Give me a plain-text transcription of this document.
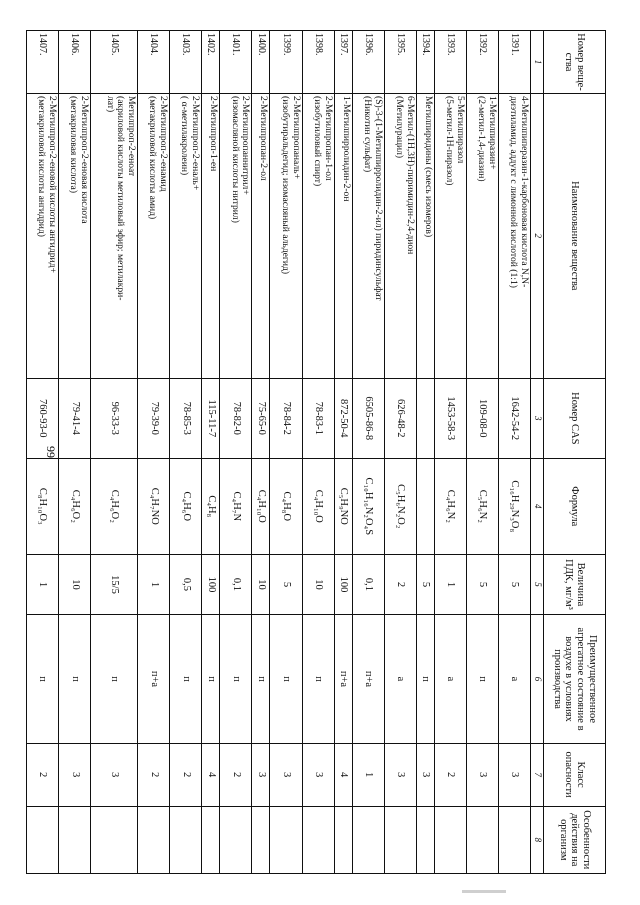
99
Номер веще-ства	Наименование вещества	Номер CAS	Формула	Величина ПДК, мг/м³	Преимущественное агрегатное состояние в воздухе в условиях производства	Класс опасности	Особенности действия на организм
1	2	3	4	5	6	7	8
1391.	4-Метилпиперазин-1-карбоновая кислота N,N-
диэтиламид, аддукт с лимонной кислотой (1:1)	1642-54-2	C₁₆H₂₉N₃O₈	5	а	3	
1392.	1-Метилпиразин+
(2-метил-1,4-диазин)	109-08-0	C₅H₆N₂	5	п	3	
1393.	5-Метилпиразол
(5-метил-1Н-пиразол)	1453-58-3	C₄H₆N₂	1	а	2	
1394.	Метилпиридины (смесь изомеров)			5	п	3	
1395.	6-Метил-(1Н,3Н)-пиримидин-2,4-дион
(Метилурацил)	626-48-2	C₅H₆N₂O₂	2	а	3	
1396.	(S)-3-(1-Метилпирролидин-2-ил) пиридинсульфат
(Никотин сульфат)	6505-86-8	C₁₀H₁₆N₂O₄S	0,1	п+а	1	
1397.	1-Метилпирролидин-2-он	872-50-4	C₅H₉NO	100	п+а	4	
1398.	2-Метилпропан-1-ол
(изобутиловый спирт)	78-83-1	C₄H₁₀O	10	п	3	
1399.	2-Метилпропаналь+
(изобутиральдегид; изомасляный альдегид)	78-84-2	C₄H₈O	5	п	3	
1400.	2-Метилпропан-2-ол	75-65-0	C₄H₁₀O	10	п	3	
1401.	2-Метилпропаннитрил+
(изомасляной кислоты нитрил)	78-82-0	C₄H₇N	0,1	п	2	
1402.	2-Метилпроп-1-ен	115-11-7	C₄H₈	100	п	4	
1403.	2-Метилпроп-2-еналь+
( α-метилакролеин)	78-85-3	C₄H₆O	0,5	п	2	
1404.	2-Метилпроп-2-енамид
(метакриловой кислоты амид)	79-39-0	C₄H₇NO	1	п+а	2	
1405.	Метилпроп-2-еноат
(акриловой кислоты метиловый эфир; метилакри-
лат)	96-33-3	C₄H₆O₂	15/5	п	3	
1406.	2-Метилпроп-2-еновая кислота
(метакриловая кислота)	79-41-4	C₄H₆O₂	10	п	3	
1407.	2-Метилпроп-2-еновой кислоты ангидрид+
(метакриловой кислоты ангидрид)	760-93-0	C₈H₁₀O₃	1	п	2	
